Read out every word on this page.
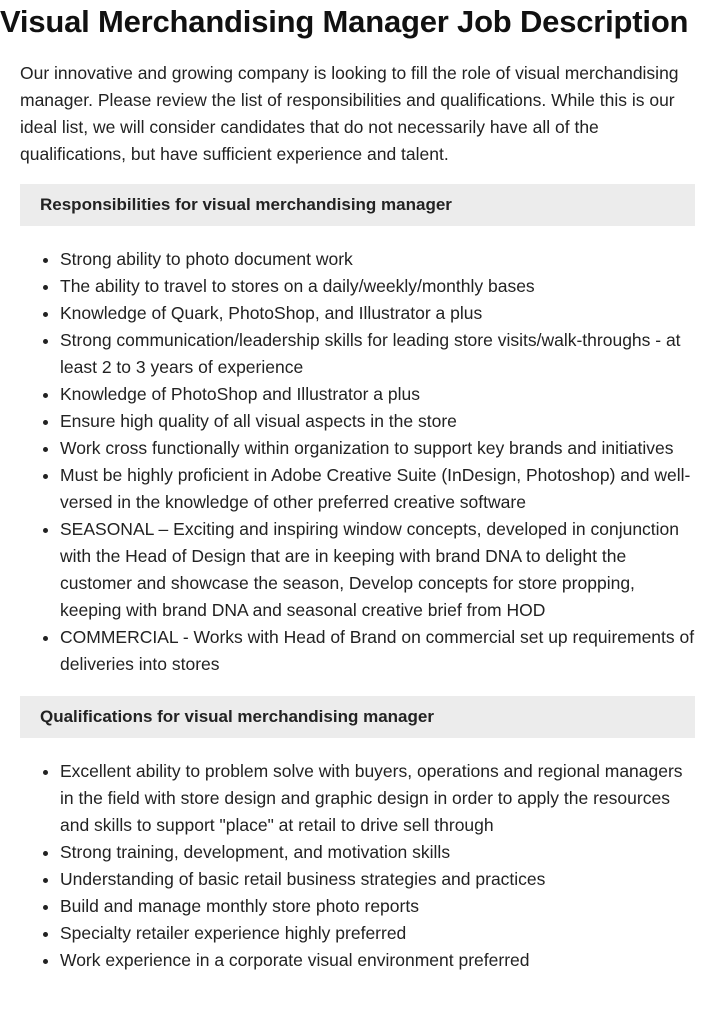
Visual Merchandising Manager Job Description

Our innovative and growing company is looking to fill the role of visual merchandising manager. Please review the list of responsibilities and qualifications. While this is our ideal list, we will consider candidates that do not necessarily have all of the qualifications, but have sufficient experience and talent.

Responsibilities for visual merchandising manager
• Strong ability to photo document work
• The ability to travel to stores on a daily/weekly/monthly bases
• Knowledge of Quark, PhotoShop, and Illustrator a plus
• Strong communication/leadership skills for leading store visits/walk-throughs - at least 2 to 3 years of experience
• Knowledge of PhotoShop and Illustrator a plus
• Ensure high quality of all visual aspects in the store
• Work cross functionally within organization to support key brands and initiatives
• Must be highly proficient in Adobe Creative Suite (InDesign, Photoshop) and well-versed in the knowledge of other preferred creative software
• SEASONAL – Exciting and inspiring window concepts, developed in conjunction with the Head of Design that are in keeping with brand DNA to delight the customer and showcase the season, Develop concepts for store propping, keeping with brand DNA and seasonal creative brief from HOD
• COMMERCIAL - Works with Head of Brand on commercial set up requirements of deliveries into stores
Qualifications for visual merchandising manager
• Excellent ability to problem solve with buyers, operations and regional managers in the field with store design and graphic design in order to apply the resources and skills to support "place" at retail to drive sell through
• Strong training, development, and motivation skills
• Understanding of basic retail business strategies and practices
• Build and manage monthly store photo reports
• Specialty retailer experience highly preferred
• Work experience in a corporate visual environment preferred
